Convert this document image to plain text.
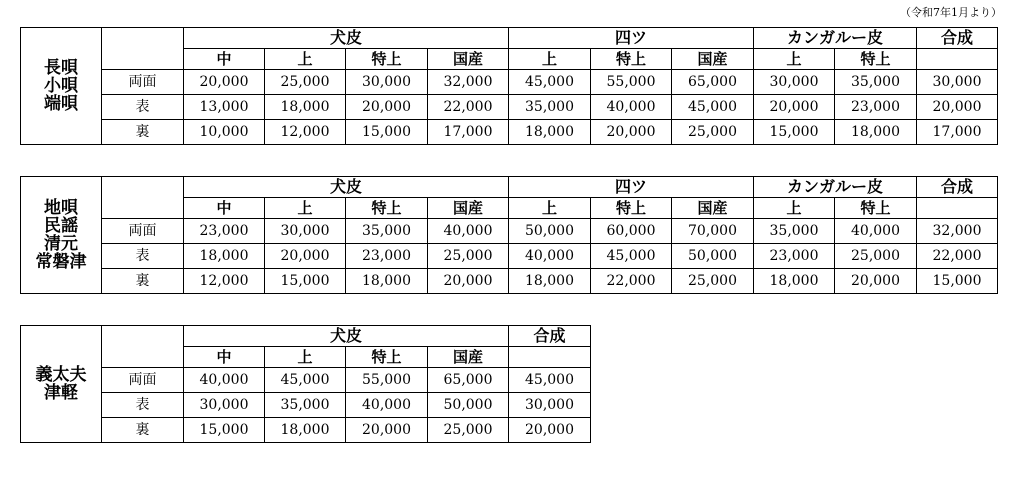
（令和7年1月より）
長唄
小唄
端唄		犬皮				四ツ			カンガルー皮		合成
		中	上	特上	国産	上	特上	国産	上	特上	
	両面	20,000	25,000	30,000	32,000	45,000	55,000	65,000	30,000	35,000	30,000
	表	13,000	18,000	20,000	22,000	35,000	40,000	45,000	20,000	23,000	20,000
	裏	10,000	12,000	15,000	17,000	18,000	20,000	25,000	15,000	18,000	17,000
地唄
民謡
清元
常磐津		犬皮				四ツ			カンガルー皮		合成
		中	上	特上	国産	上	特上	国産	上	特上	
	両面	23,000	30,000	35,000	40,000	50,000	60,000	70,000	35,000	40,000	32,000
	表	18,000	20,000	23,000	25,000	40,000	45,000	50,000	23,000	25,000	22,000
	裏	12,000	15,000	18,000	20,000	18,000	22,000	25,000	18,000	20,000	15,000
義太夫
津軽		犬皮				合成
		中	上	特上	国産	
	両面	40,000	45,000	55,000	65,000	45,000
	表	30,000	35,000	40,000	50,000	30,000
	裏	15,000	18,000	20,000	25,000	20,000
